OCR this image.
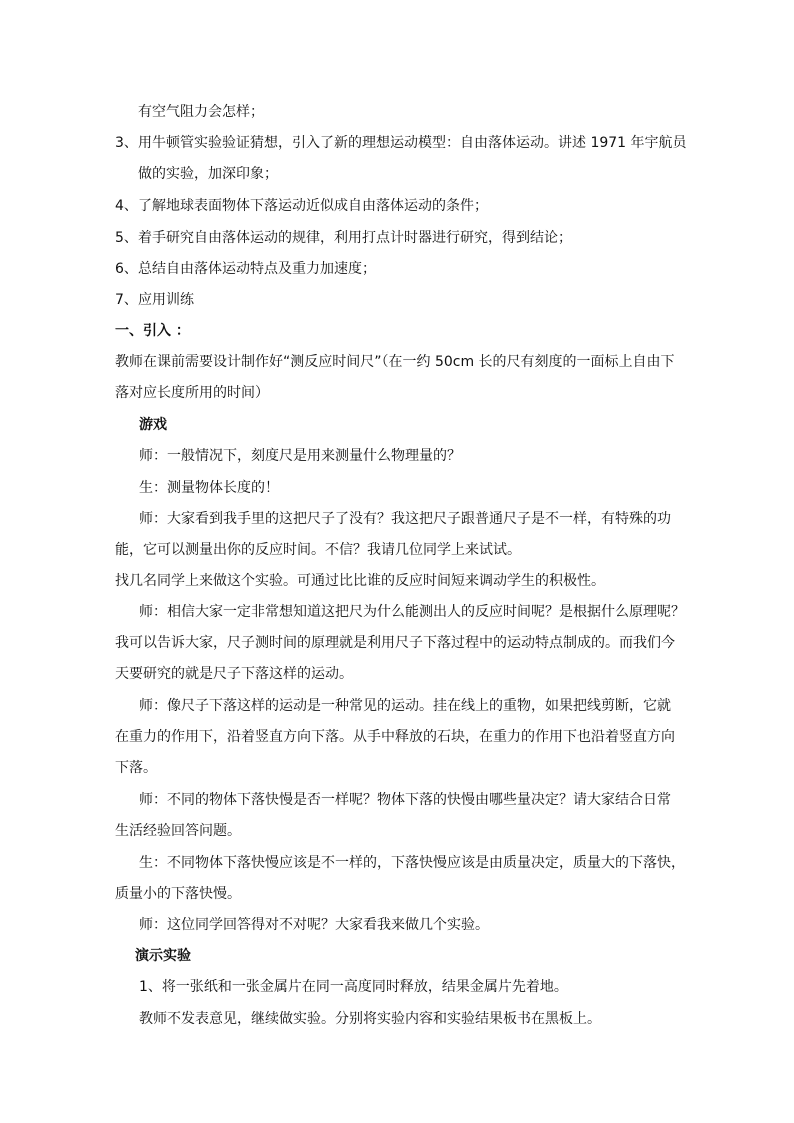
有空气阻力会怎样；
3、用牛顿管实验验证猜想，引入了新的理想运动模型：自由落体运动。讲述 1971 年宇航员
做的实验，加深印象；
4、了解地球表面物体下落运动近似成自由落体运动的条件；
5、着手研究自由落体运动的规律，利用打点计时器进行研究，得到结论；
6、总结自由落体运动特点及重力加速度；
7、应用训练
一、引入 ：
教师在课前需要设计制作好“测反应时间尺”（在一约 50cm 长的尺有刻度的一面标上自由下
落对应长度所用的时间）
游戏
师：一般情况下，刻度尺是用来测量什么物理量的？
生：测量物体长度的！
师：大家看到我手里的这把尺子了没有？我这把尺子跟普通尺子是不一样，有特殊的功
能，它可以测量出你的反应时间。不信？我请几位同学上来试试。
找几名同学上来做这个实验。可通过比比谁的反应时间短来调动学生的积极性。
师：相信大家一定非常想知道这把尺为什么能测出人的反应时间呢？是根据什么原理呢？
我可以告诉大家，尺子测时间的原理就是利用尺子下落过程中的运动特点制成的。而我们今
天要研究的就是尺子下落这样的运动。
师：像尺子下落这样的运动是一种常见的运动。挂在线上的重物，如果把线剪断，它就
在重力的作用下，沿着竖直方向下落。从手中释放的石块，在重力的作用下也沿着竖直方向
下落。
师：不同的物体下落快慢是否一样呢？物体下落的快慢由哪些量决定？请大家结合日常
生活经验回答问题。
生：不同物体下落快慢应该是不一样的，下落快慢应该是由质量决定，质量大的下落快，
质量小的下落快慢。
师：这位同学回答得对不对呢？大家看我来做几个实验。
演示实验
1、将一张纸和一张金属片在同一高度同时释放，结果金属片先着地。
教师不发表意见，继续做实验。分别将实验内容和实验结果板书在黑板上。
